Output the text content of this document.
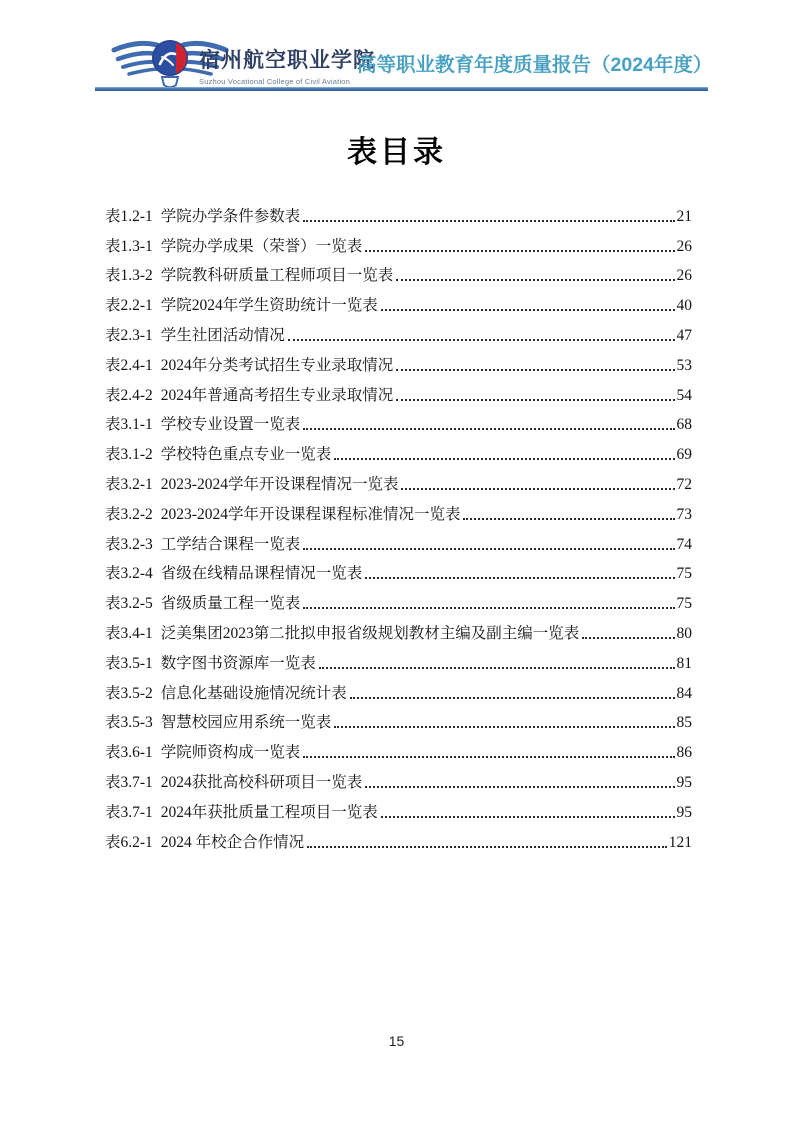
宿州航空职业学院
Suzhou Vocational College of Civil Aviation
高等职业教育年度质量报告（2024年度）
表目录
表1.2-1 学院办学条件参数表	21
表1.3-1 学院办学成果（荣誉）一览表	26
表1.3-2 学院教科研质量工程师项目一览表	26
表2.2-1 学院2024年学生资助统计一览表	40
表2.3-1 学生社团活动情况	47
表2.4-1 2024年分类考试招生专业录取情况	53
表2.4-2 2024年普通高考招生专业录取情况	54
表3.1-1 学校专业设置一览表	68
表3.1-2 学校特色重点专业一览表	69
表3.2-1 2023-2024学年开设课程情况一览表	72
表3.2-2 2023-2024学年开设课程课程标准情况一览表	73
表3.2-3 工学结合课程一览表	74
表3.2-4 省级在线精品课程情况一览表	75
表3.2-5 省级质量工程一览表	75
表3.4-1 泛美集团2023第二批拟申报省级规划教材主编及副主编一览表	80
表3.5-1 数字图书资源库一览表	81
表3.5-2 信息化基础设施情况统计表	84
表3.5-3 智慧校园应用系统一览表	85
表3.6-1 学院师资构成一览表	86
表3.7-1 2024获批高校科研项目一览表	95
表3.7-1 2024年获批质量工程项目一览表	95
表6.2-1 2024 年校企合作情况	121
15
